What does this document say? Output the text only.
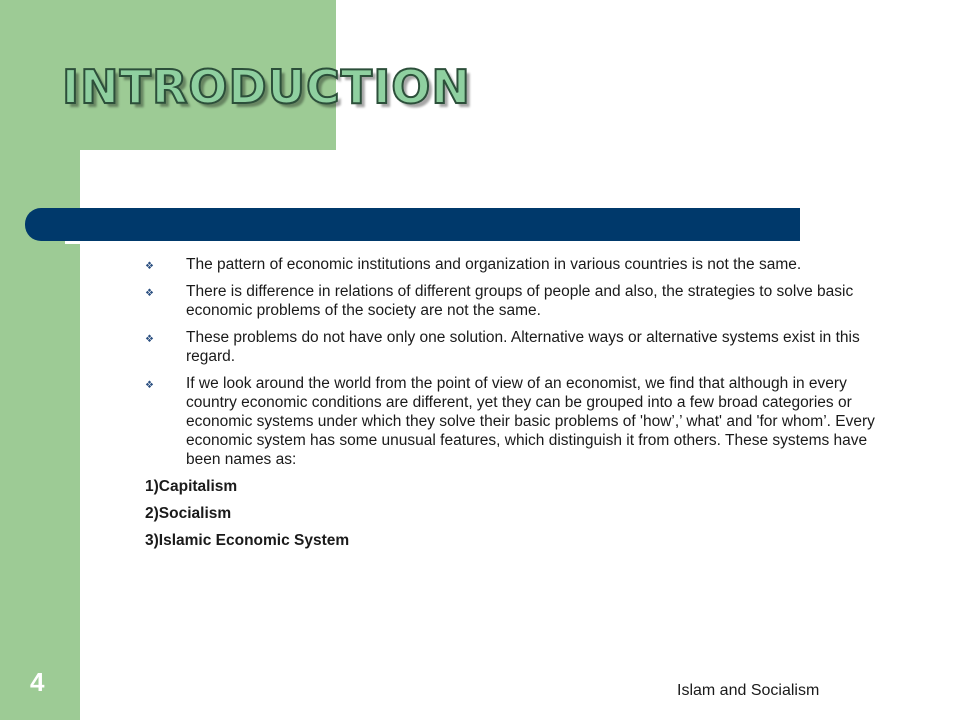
INTRODUCTION
❖ The pattern of economic institutions and organization in various countries is not the same.
❖ There is difference in relations of different groups of people and also, the strategies to solve basic economic problems of the society are not the same.
❖ These problems do not have only one solution. Alternative ways or alternative systems exist in this regard.
❖ If we look around the world from the point of view of an economist, we find that although in every country economic conditions are different, yet they can be grouped into a few broad categories or economic systems under which they solve their basic problems of 'how’,’ what' and 'for whom’. Every economic system has some unusual features, which distinguish it from others. These systems have been names as:
1)Capitalism
2)Socialism
3)Islamic Economic System
4	Islam and Socialism
